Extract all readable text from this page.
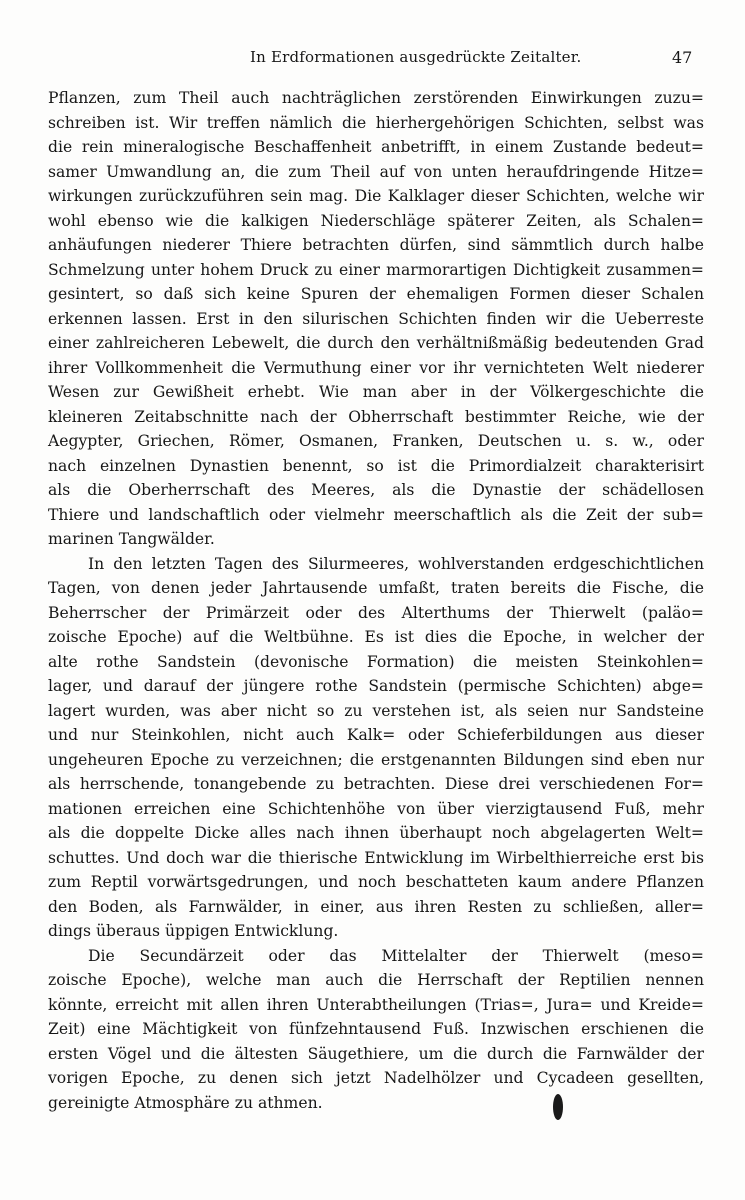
In Erdformationen ausgedrückte Zeitalter.	47
Pflanzen, zum Theil auch nachträglichen zerstörenden Einwirkungen zuzu=
schreiben ist. Wir treffen nämlich die hierhergehörigen Schichten, selbst was
die rein mineralogische Beschaffenheit anbetrifft, in einem Zustande bedeut=
samer Umwandlung an, die zum Theil auf von unten heraufdringende Hitze=
wirkungen zurückzuführen sein mag. Die Kalklager dieser Schichten, welche wir
wohl ebenso wie die kalkigen Niederschläge späterer Zeiten, als Schalen=
anhäufungen niederer Thiere betrachten dürfen, sind sämmtlich durch halbe
Schmelzung unter hohem Druck zu einer marmorartigen Dichtigkeit zusammen=
gesintert, so daß sich keine Spuren der ehemaligen Formen dieser Schalen
erkennen lassen. Erst in den silurischen Schichten finden wir die Ueberreste
einer zahlreicheren Lebewelt, die durch den verhältnißmäßig bedeutenden Grad
ihrer Vollkommenheit die Vermuthung einer vor ihr vernichteten Welt niederer
Wesen zur Gewißheit erhebt. Wie man aber in der Völkergeschichte die
kleineren Zeitabschnitte nach der Obherrschaft bestimmter Reiche, wie der
Aegypter, Griechen, Römer, Osmanen, Franken, Deutschen u. s. w., oder
nach einzelnen Dynastien benennt, so ist die Primordialzeit charakterisirt
als die Oberherrschaft des Meeres, als die Dynastie der schädellosen
Thiere und landschaftlich oder vielmehr meerschaftlich als die Zeit der sub=
marinen Tangwälder.
In den letzten Tagen des Silurmeeres, wohlverstanden erdgeschichtlichen
Tagen, von denen jeder Jahrtausende umfaßt, traten bereits die Fische, die
Beherrscher der Primärzeit oder des Alterthums der Thierwelt (paläo=
zoische Epoche) auf die Weltbühne. Es ist dies die Epoche, in welcher der
alte rothe Sandstein (devonische Formation) die meisten Steinkohlen=
lager, und darauf der jüngere rothe Sandstein (permische Schichten) abge=
lagert wurden, was aber nicht so zu verstehen ist, als seien nur Sandsteine
und nur Steinkohlen, nicht auch Kalk= oder Schieferbildungen aus dieser
ungeheuren Epoche zu verzeichnen; die erstgenannten Bildungen sind eben nur
als herrschende, tonangebende zu betrachten. Diese drei verschiedenen For=
mationen erreichen eine Schichtenhöhe von über vierzigtausend Fuß, mehr
als die doppelte Dicke alles nach ihnen überhaupt noch abgelagerten Welt=
schuttes. Und doch war die thierische Entwicklung im Wirbelthierreiche erst bis
zum Reptil vorwärtsgedrungen, und noch beschatteten kaum andere Pflanzen
den Boden, als Farnwälder, in einer, aus ihren Resten zu schließen, aller=
dings überaus üppigen Entwicklung.
Die Secundärzeit oder das Mittelalter der Thierwelt (meso=
zoische Epoche), welche man auch die Herrschaft der Reptilien nennen
könnte, erreicht mit allen ihren Unterabtheilungen (Trias=, Jura= und Kreide=
Zeit) eine Mächtigkeit von fünfzehntausend Fuß. Inzwischen erschienen die
ersten Vögel und die ältesten Säugethiere, um die durch die Farnwälder der
vorigen Epoche, zu denen sich jetzt Nadelhölzer und Cycadeen gesellten,
gereinigte Atmosphäre zu athmen.
